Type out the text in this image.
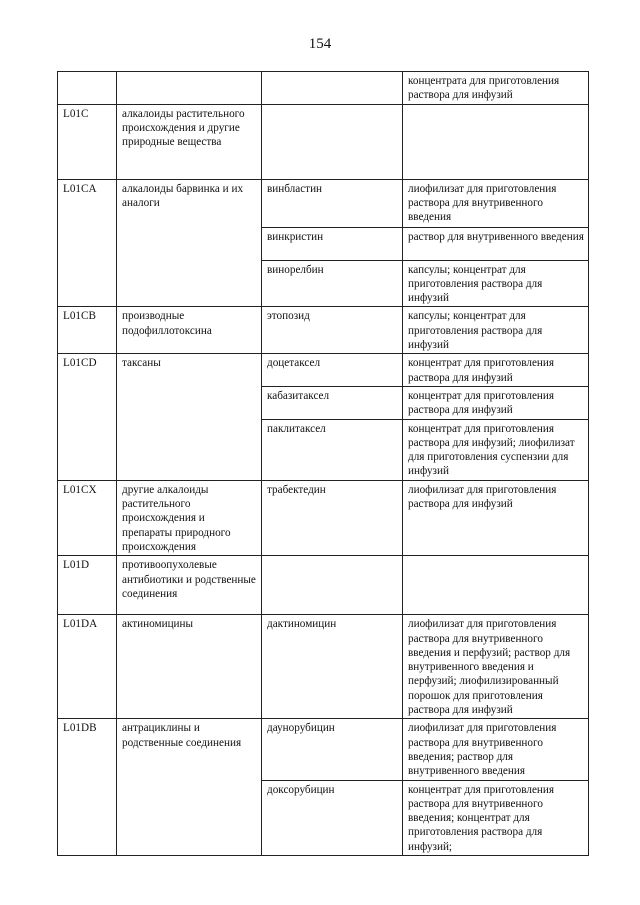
154
			концентрата для приготовления раствора для инфузий
L01C	алкалоиды растительного происхождения и другие природные вещества		
L01CA	алкалоиды барвинка и их аналоги	винбластин	лиофилизат для приготовления раствора для внутривенного введения
		винкристин	раствор для внутривенного введения
		винорелбин	капсулы; концентрат для приготовления раствора для инфузий
L01CB	производные подофиллотоксина	этопозид	капсулы; концентрат для приготовления раствора для инфузий
L01CD	таксаны	доцетаксел	концентрат для приготовления раствора для инфузий
		кабазитаксел	концентрат для приготовления раствора для инфузий
		паклитаксел	концентрат для приготовления раствора для инфузий; лиофилизат для приготовления суспензии для инфузий
L01CX	другие алкалоиды растительного происхождения и препараты природного происхождения	трабектедин	лиофилизат для приготовления раствора для инфузий
L01D	противоопухолевые антибиотики и родственные соединения		
L01DA	актиномицины	дактиномицин	лиофилизат для приготовления раствора для внутривенного введения и перфузий; раствор для внутривенного введения и перфузий; лиофилизированный порошок для приготовления раствора для инфузий
L01DB	антрациклины и родственные соединения	даунорубицин	лиофилизат для приготовления раствора для внутривенного введения; раствор для внутривенного введения
		доксорубицин	концентрат для приготовления раствора для внутривенного введения; концентрат для приготовления раствора для инфузий;
